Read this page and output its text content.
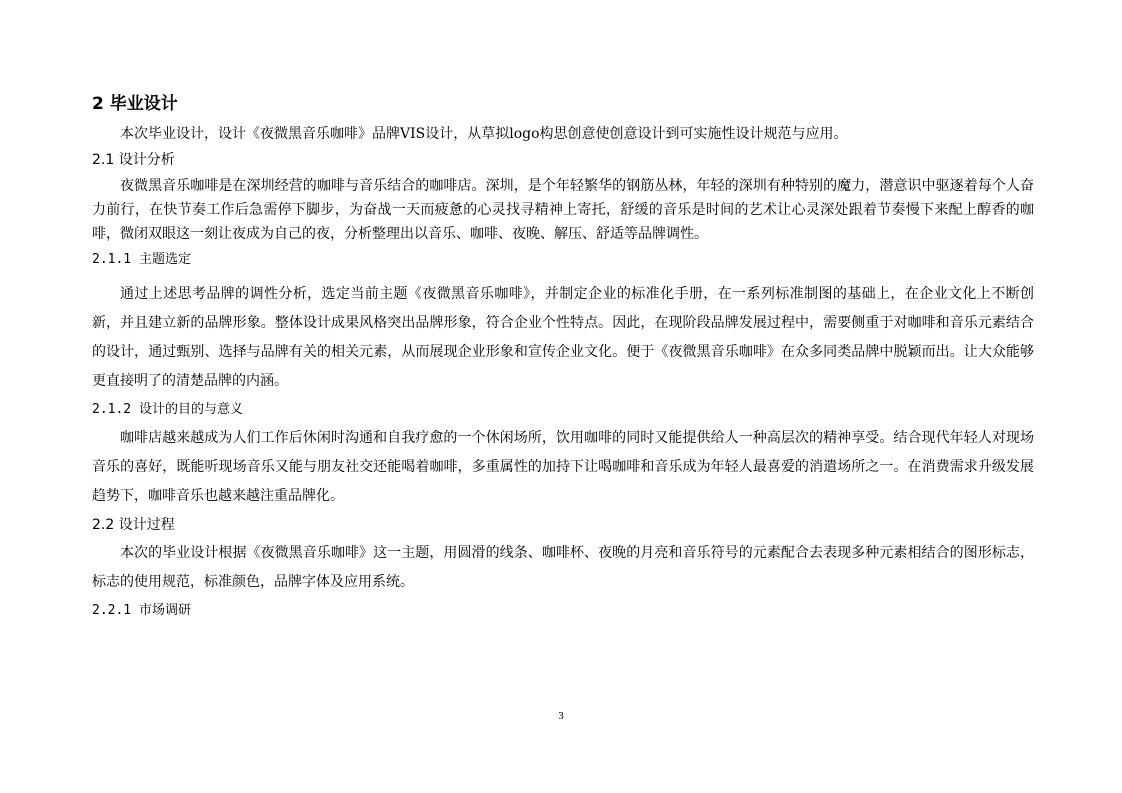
2 毕业设计

本次毕业设计，设计《夜微黑音乐咖啡》品牌VIS设计，从草拟logo构思创意使创意设计到可实施性设计规范与应用。

2.1 设计分析

夜微黑音乐咖啡是在深圳经营的咖啡与音乐结合的咖啡店。深圳，是个年轻繁华的钢筋丛林，年轻的深圳有种特别的魔力，潜意识中驱逐着每个人奋力前行，在快节奏工作后急需停下脚步，为奋战一天而疲惫的心灵找寻精神上寄托，舒缓的音乐是时间的艺术让心灵深处跟着节奏慢下来配上醇香的咖啡，微闭双眼这一刻让夜成为自己的夜，分析整理出以音乐、咖啡、夜晚、解压、舒适等品牌调性。

2.1.1 主题选定

通过上述思考品牌的调性分析，选定当前主题《夜微黑音乐咖啡》，并制定企业的标准化手册，在一系列标准制图的基础上，在企业文化上不断创新，并且建立新的品牌形象。整体设计成果风格突出品牌形象，符合企业个性特点。因此，在现阶段品牌发展过程中，需要侧重于对咖啡和音乐元素结合的设计，通过甄别、选择与品牌有关的相关元素，从而展现企业形象和宣传企业文化。便于《夜微黑音乐咖啡》在众多同类品牌中脱颖而出。让大众能够更直接明了的清楚品牌的内涵。

2.1.2 设计的目的与意义

咖啡店越来越成为人们工作后休闲时沟通和自我疗愈的一个休闲场所，饮用咖啡的同时又能提供给人一种高层次的精神享受。结合现代年轻人对现场音乐的喜好，既能听现场音乐又能与朋友社交还能喝着咖啡，多重属性的加持下让喝咖啡和音乐成为年轻人最喜爱的消遣场所之一。在消费需求升级发展趋势下，咖啡音乐也越来越注重品牌化。

2.2 设计过程

本次的毕业设计根据《夜微黑音乐咖啡》这一主题，用圆滑的线条、咖啡杯、夜晚的月亮和音乐符号的元素配合去表现多种元素相结合的图形标志，标志的使用规范，标准颜色，品牌字体及应用系统。

2.2.1 市场调研
3
